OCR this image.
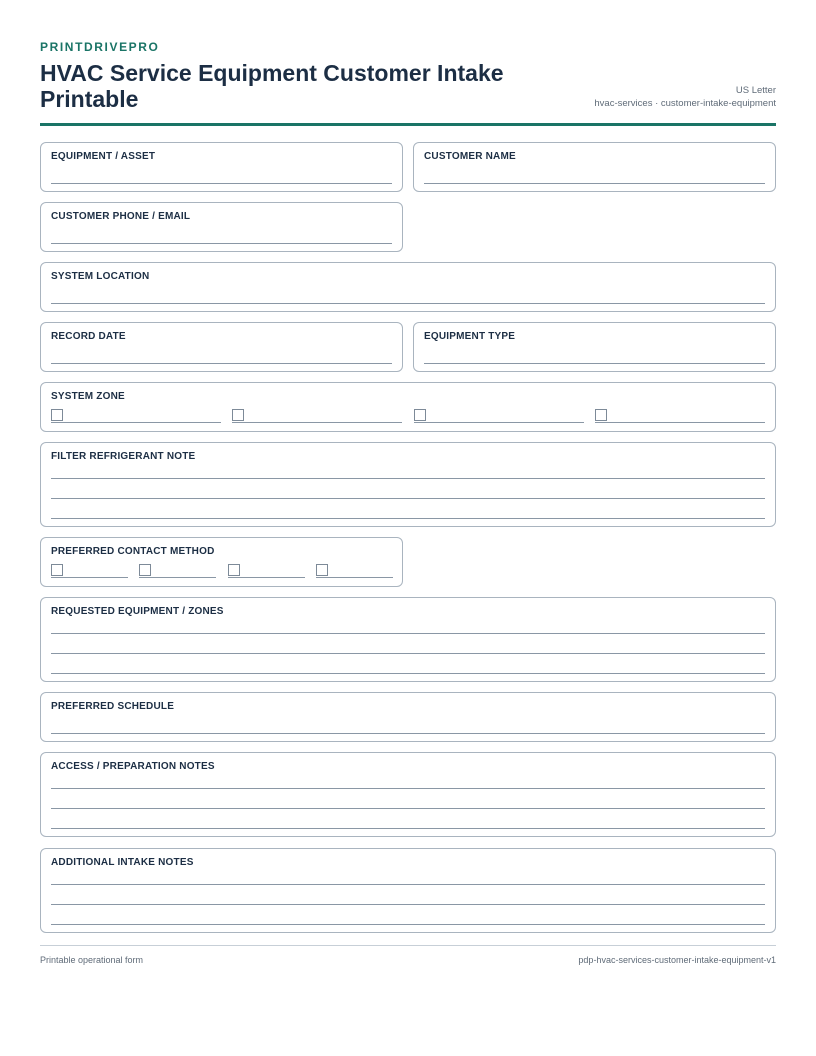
PRINTDRIVEPRO
HVAC Service Equipment Customer Intake Printable	US Letter
hvac-services · customer-intake-equipment
EQUIPMENT / ASSET	CUSTOMER NAME
CUSTOMER PHONE / EMAIL
SYSTEM LOCATION
RECORD DATE	EQUIPMENT TYPE
SYSTEM ZONE
FILTER REFRIGERANT NOTE
PREFERRED CONTACT METHOD
REQUESTED EQUIPMENT / ZONES
PREFERRED SCHEDULE
ACCESS / PREPARATION NOTES
ADDITIONAL INTAKE NOTES
Printable operational form	pdp-hvac-services-customer-intake-equipment-v1
